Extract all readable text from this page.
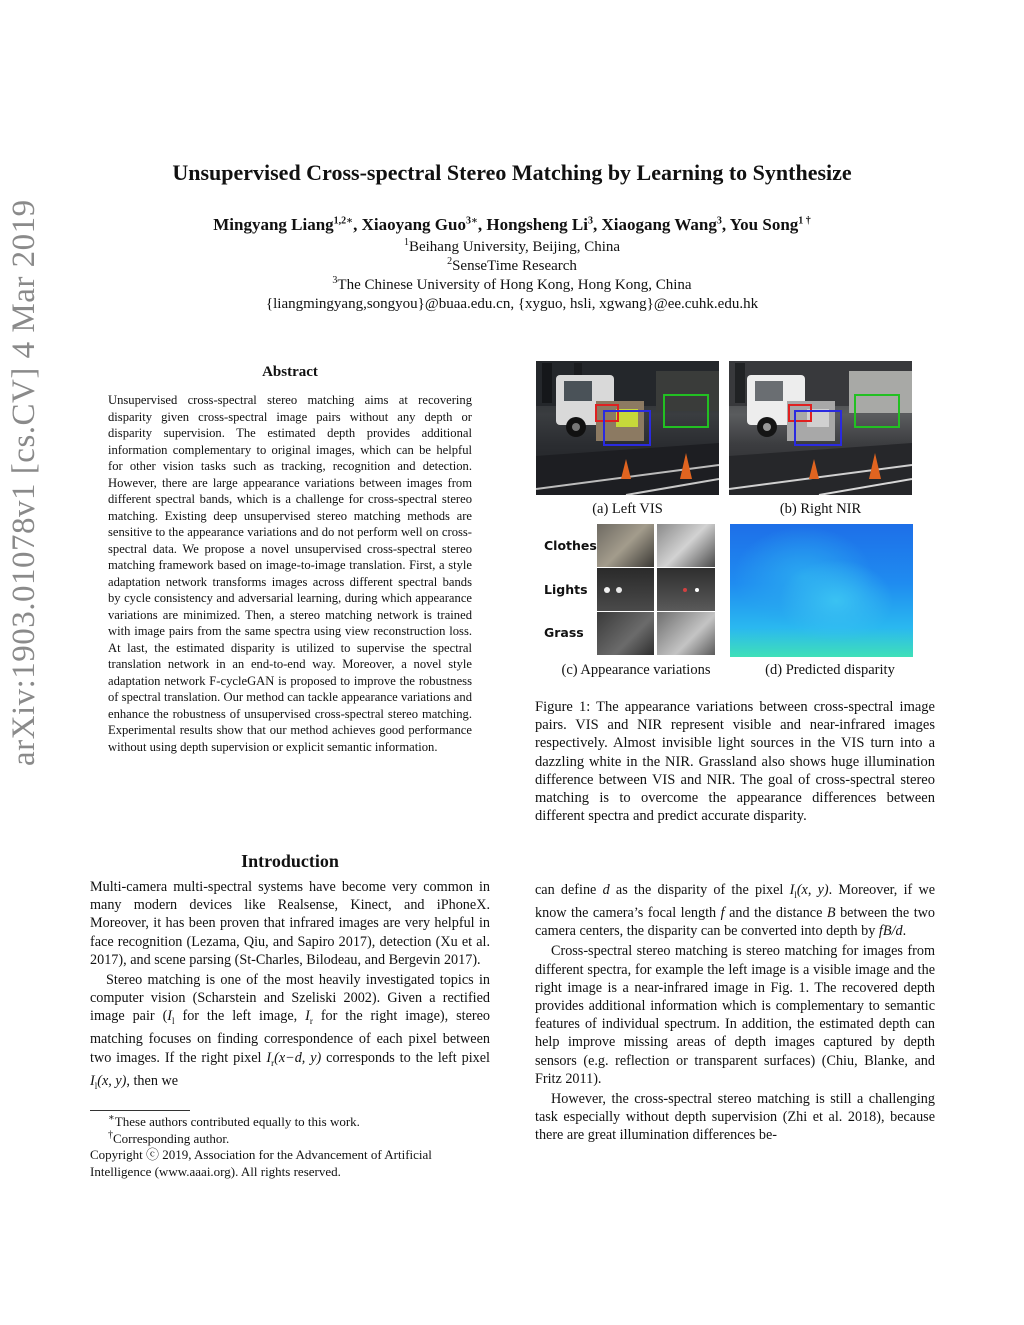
arXiv:1903.01078v1 [cs.CV] 4 Mar 2019
Unsupervised Cross-spectral Stereo Matching by Learning to Synthesize
Mingyang Liang$^{1,2∗}$, Xiaoyang Guo$^{3∗}$, Hongsheng Li$^3$, Xiaogang Wang$^3$, You Song$^{1 \dagger}$
$^1$Beihang University, Beijing, China
$^2$SenseTime Research
$^3$The Chinese University of Hong Kong, Hong Kong, China
{liangmingyang,songyou}@buaa.edu.cn, {xyguo, hsli, xgwang}@ee.cuhk.edu.hk
Abstract
Unsupervised cross-spectral stereo matching aims at recovering disparity given cross-spectral image pairs without any depth or disparity supervision. The estimated depth provides additional information complementary to original images, which can be helpful for other vision tasks such as tracking, recognition and detection. However, there are large appearance variations between images from different spectral bands, which is a challenge for cross-spectral stereo matching. Existing deep unsupervised stereo matching methods are sensitive to the appearance variations and do not perform well on cross-spectral data. We propose a novel unsupervised cross-spectral stereo matching framework based on image-to-image translation. First, a style adaptation network transforms images across different spectral bands by cycle consistency and adversarial learning, during which appearance variations are minimized. Then, a stereo matching network is trained with image pairs from the same spectra using view reconstruction loss. At last, the estimated disparity is utilized to supervise the spectral translation network in an end-to-end way. Moreover, a novel style adaptation network F-cycleGAN is proposed to improve the robustness of spectral translation. Our method can tackle appearance variations and enhance the robustness of unsupervised cross-spectral stereo matching. Experimental results show that our method achieves good performance without using depth supervision or explicit semantic information.
Introduction

Multi-camera multi-spectral systems have become very common in many modern devices like Realsense, Kinect, and iPhoneX. Moreover, it has been proven that infrared images are very helpful in face recognition (Lezama, Qiu, and Sapiro 2017), detection (Xu et al. 2017), and scene parsing (St-Charles, Bilodeau, and Bergevin 2017).

Stereo matching is one of the most heavily investigated topics in computer vision (Scharstein and Szeliski 2002). Given a rectified image pair ($I_l$ for the left image, $I_r$ for the right image), stereo matching focuses on finding correspondence of each pixel between two images. If the right pixel $I_r(x-d$, y) corresponds to the left pixel $I_l(x$, y), then we

∗These authors contributed equally to this work.
†Corresponding author.
Copyright ⓒ 2019, Association for the Advancement of Artificial Intelligence (www.aaai.org). All rights reserved.
(a) Left VIS	(b) Right NIR
Clothes
Lights
Grass
(c) Appearance variations	(d) Predicted disparity
Figure 1: The appearance variations between cross-spectral image pairs. VIS and NIR represent visible and near-infrared images respectively. Almost invisible light sources in the VIS turn into a dazzling white in the NIR. Grassland also shows huge illumination difference between VIS and NIR. The goal of cross-spectral stereo matching is to overcome the appearance differences between different spectra and predict accurate disparity.

can define d as the disparity of the pixel $I_l(x$, y). Moreover, if we know the camera’s focal length f and the distance B between the two camera centers, the disparity can be converted into depth by fB/d.

Cross-spectral stereo matching is stereo matching for images from different spectra, for example the left image is a visible image and the right image is a near-infrared image in Fig. 1. The recovered depth provides additional information which is complementary to semantic features of individual spectrum. In addition, the estimated depth can help improve missing areas of depth images captured by depth sensors (e.g. reflection or transparent surfaces) (Chiu, Blanke, and Fritz 2011).

However, the cross-spectral stereo matching is still a challenging task especially without depth supervision (Zhi et al. 2018), because there are great illumination differences be-
